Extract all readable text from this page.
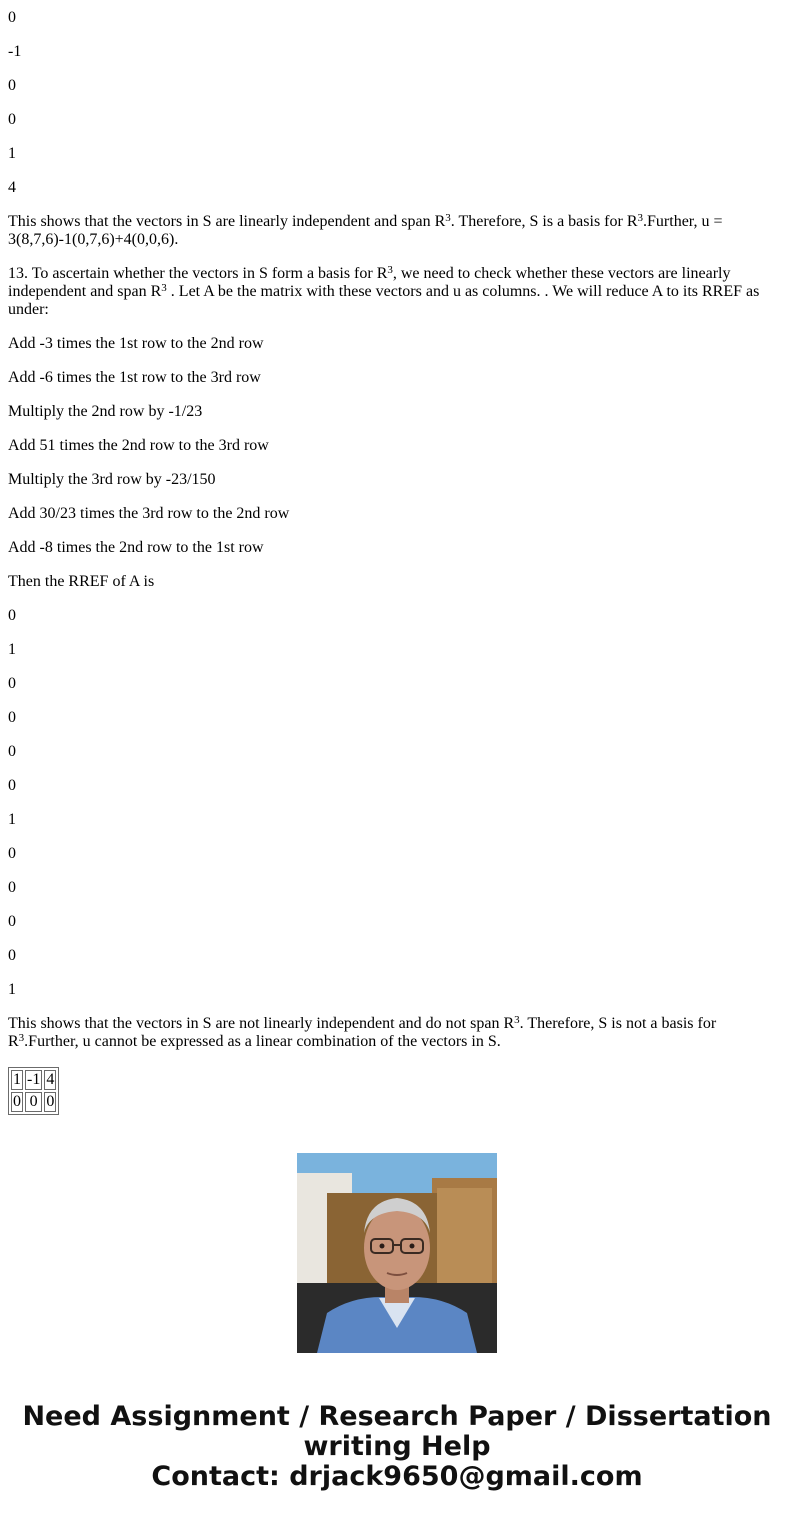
0

-1

0

0

1

4

This shows that the vectors in S are linearly independent and span $R^3$. Therefore, S is a basis for $R^3.Further$, u = 3(8,7,6)-1(0,7,6)+4(0,0,6).

13. To ascertain whether the vectors in S form a basis for $R^3$, we need to check whether these vectors are linearly independent and span $R^3$ . Let A be the matrix with these vectors and u as columns. . We will reduce A to its RREF as under:

Add -3 times the 1st row to the 2nd row

Add -6 times the 1st row to the 3rd row

Multiply the 2nd row by -1/23

Add 51 times the 2nd row to the 3rd row

Multiply the 3rd row by -23/150

Add 30/23 times the 3rd row to the 2nd row

Add -8 times the 2nd row to the 1st row

Then the RREF of A is

0

1

0

0

0

0

1

0

0

0

0

1

This shows that the vectors in S are not linearly independent and do not span $R^3$. Therefore, S is not a basis for $R^3.Further$, u cannot be expressed as a linear combination of the vectors in S.

1	-1	4
0	0	0
Need Assignment / Research Paper / Dissertation
writing Help
Contact: drjack9650@gmail.com
